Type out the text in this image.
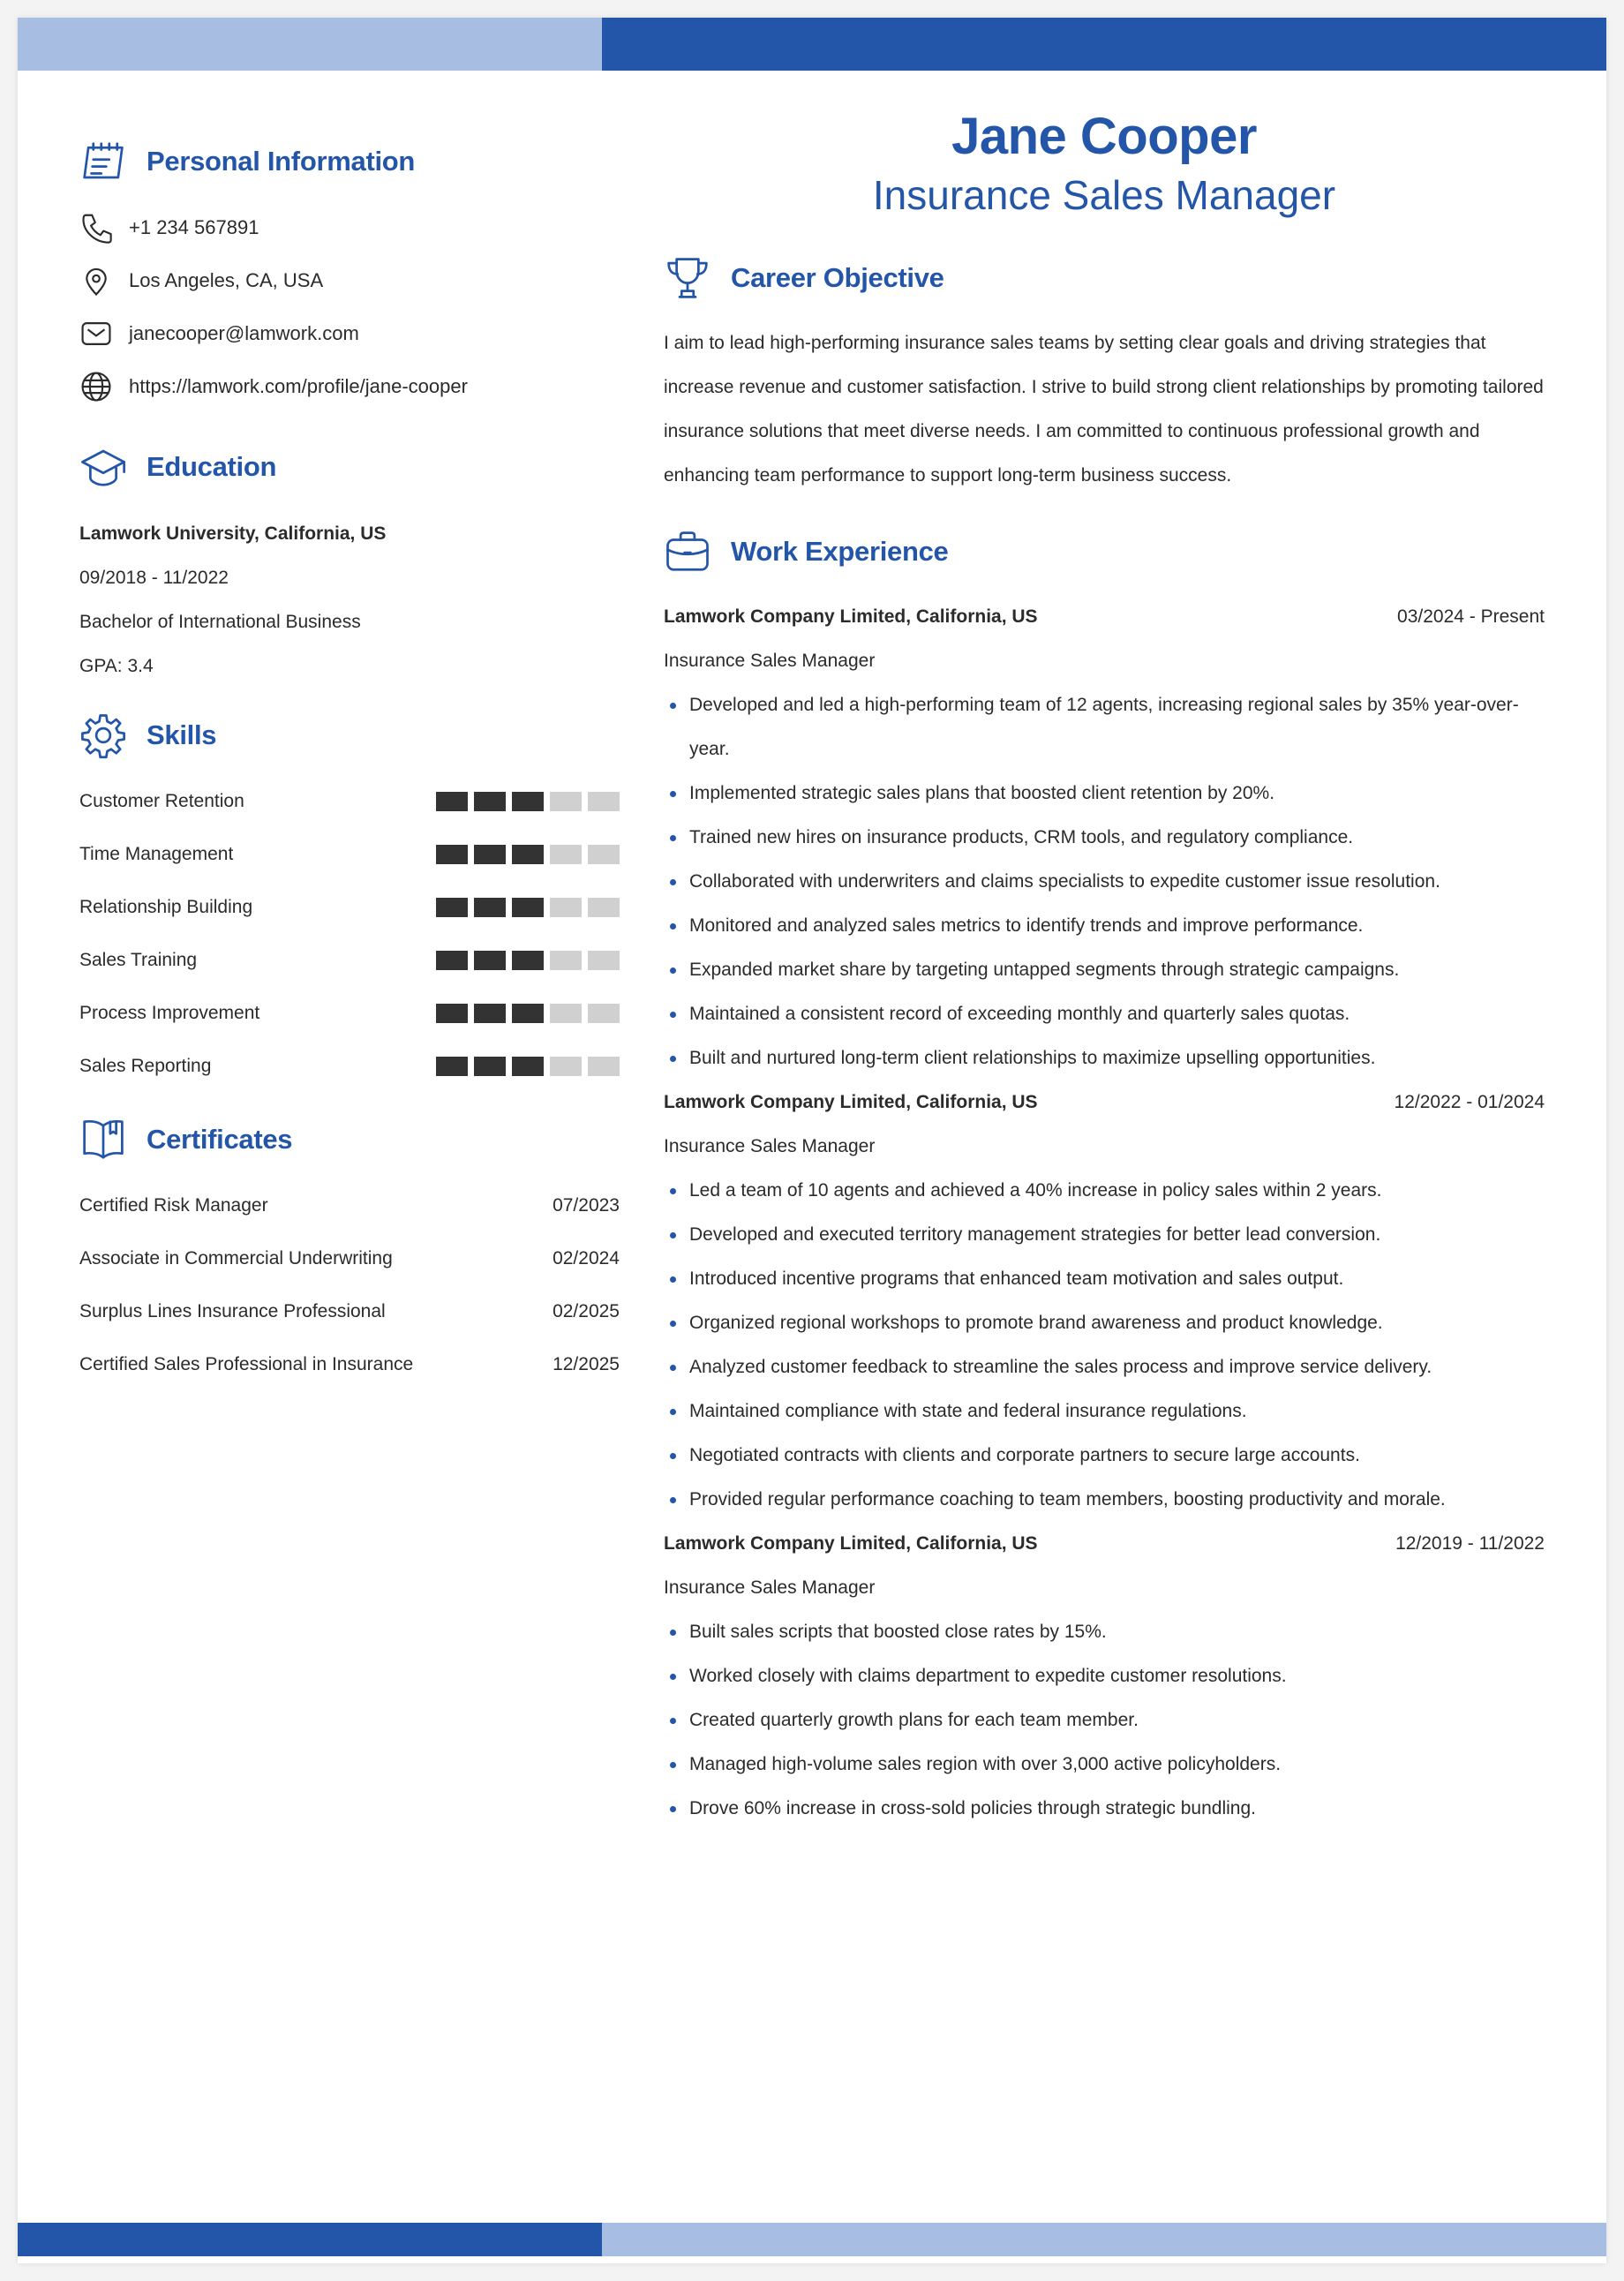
Personal Information
+1 234 567891
Los Angeles, CA, USA
janecooper@lamwork.com
https://lamwork.com/profile/jane-cooper
Education
Lamwork University, California, US
09/2018 - 11/2022
Bachelor of International Business
GPA: 3.4
Skills
Customer Retention
Time Management
Relationship Building
Sales Training
Process Improvement
Sales Reporting
Certificates
Certified Risk Manager	07/2023
Associate in Commercial Underwriting	02/2024
Surplus Lines Insurance Professional	02/2025
Certified Sales Professional in Insurance	12/2025
Jane Cooper
Insurance Sales Manager
Career Objective

I aim to lead high-performing insurance sales teams by setting clear goals and driving strategies that increase revenue and customer satisfaction. I strive to build strong client relationships by promoting tailored insurance solutions that meet diverse needs. I am committed to continuous professional growth and enhancing team performance to support long-term business success.

Work Experience
Lamwork Company Limited, California, US	03/2024 - Present
Insurance Sales Manager
Developed and led a high-performing team of 12 agents, increasing regional sales by 35% year-over-year.
Implemented strategic sales plans that boosted client retention by 20%.
Trained new hires on insurance products, CRM tools, and regulatory compliance.
Collaborated with underwriters and claims specialists to expedite customer issue resolution.
Monitored and analyzed sales metrics to identify trends and improve performance.
Expanded market share by targeting untapped segments through strategic campaigns.
Maintained a consistent record of exceeding monthly and quarterly sales quotas.
Built and nurtured long-term client relationships to maximize upselling opportunities.
Lamwork Company Limited, California, US	12/2022 - 01/2024
Insurance Sales Manager
Led a team of 10 agents and achieved a 40% increase in policy sales within 2 years.
Developed and executed territory management strategies for better lead conversion.
Introduced incentive programs that enhanced team motivation and sales output.
Organized regional workshops to promote brand awareness and product knowledge.
Analyzed customer feedback to streamline the sales process and improve service delivery.
Maintained compliance with state and federal insurance regulations.
Negotiated contracts with clients and corporate partners to secure large accounts.
Provided regular performance coaching to team members, boosting productivity and morale.
Lamwork Company Limited, California, US	12/2019 - 11/2022
Insurance Sales Manager
Built sales scripts that boosted close rates by 15%.
Worked closely with claims department to expedite customer resolutions.
Created quarterly growth plans for each team member.
Managed high-volume sales region with over 3,000 active policyholders.
Drove 60% increase in cross-sold policies through strategic bundling.
